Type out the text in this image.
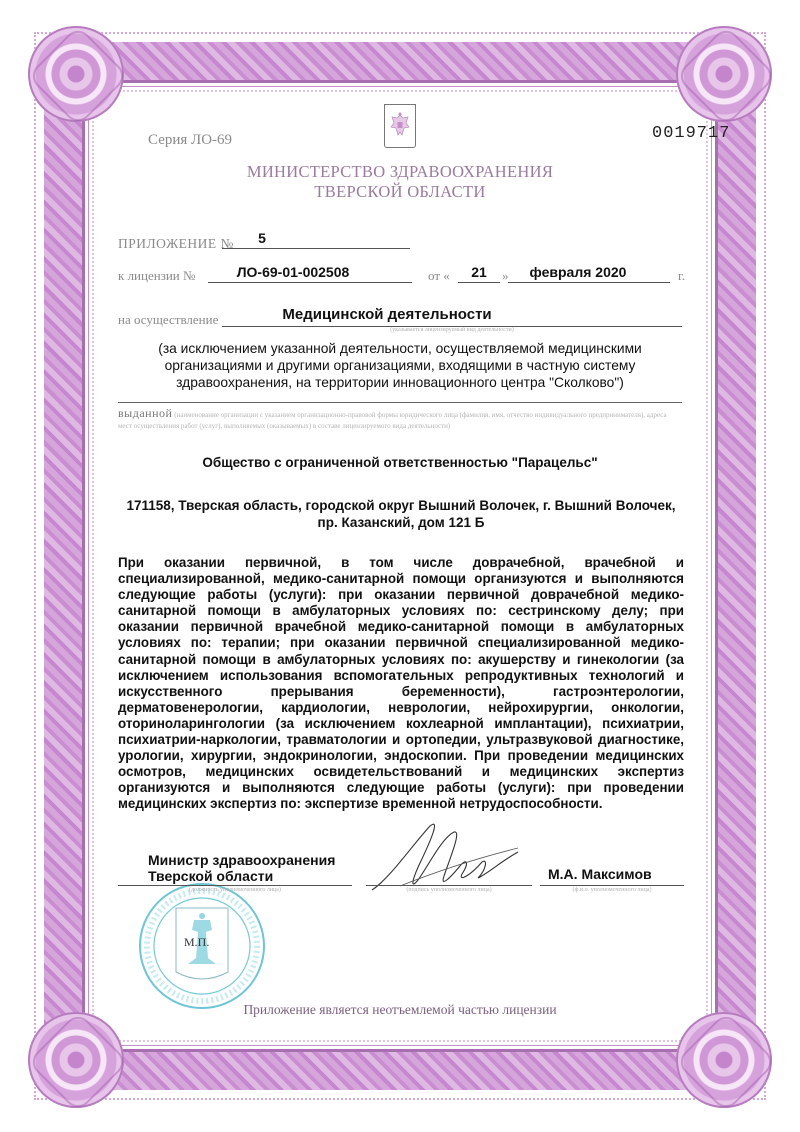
Серия ЛО-69	0019717
МИНИСТЕРСТВО ЗДРАВООХРАНЕНИЯ
ТВЕРСКОЙ ОБЛАСТИ
ПРИЛОЖЕНИЕ №	5
к лицензии №	ЛО-69-01-002508	от «	21	»	февраля 2020	г.
на осуществление	Медицинской деятельности
(указывается лицензируемый вид деятельности)
(за исключением указанной деятельности, осуществляемой медицинскими организациями и другими организациями, входящими в частную систему здравоохранения, на территории инновационного центра "Сколково")
выданной (наименование организации с указанием организационно-правовой формы юридического лица (фамилия, имя, отчество индивидуального предпринимателя), адреса мест осуществления работ (услуг), выполняемых (оказываемых) в составе лицензируемого вида деятельности)
Общество с ограниченной ответственностью "Парацельс"
171158, Тверская область, городской округ Вышний Волочек, г. Вышний Волочек, пр. Казанский, дом 121 Б
При оказании первичной, в том числе доврачебной, врачебной и специализированной, медико-санитарной помощи организуются и выполняются следующие работы (услуги): при оказании первичной доврачебной медико-санитарной помощи в амбулаторных условиях по: сестринскому делу; при оказании первичной врачебной медико-санитарной помощи в амбулаторных условиях по: терапии; при оказании первичной специализированной медико-санитарной помощи в амбулаторных условиях по: акушерству и гинекологии (за исключением использования вспомогательных репродуктивных технологий и искусственного прерывания беременности), гастроэнтерологии, дерматовенерологии, кардиологии, неврологии, нейрохирургии, онкологии, оториноларингологии (за исключением кохлеарной имплантации), психиатрии, психиатрии-наркологии, травматологии и ортопедии, ультразвуковой диагностике, урологии, хирургии, эндокринологии, эндоскопии. При проведении медицинских осмотров, медицинских освидетельствований и медицинских экспертиз организуются и выполняются следующие работы (услуги): при проведении медицинских экспертиз по: экспертизе временной нетрудоспособности.
М.П.
Министр здравоохранения
Тверской области
(должность уполномоченного лица)	(подпись уполномоченного лица)
М.А. Максимов
(ф.и.о. уполномоченного лица)
Приложение является неотъемлемой частью лицензии
